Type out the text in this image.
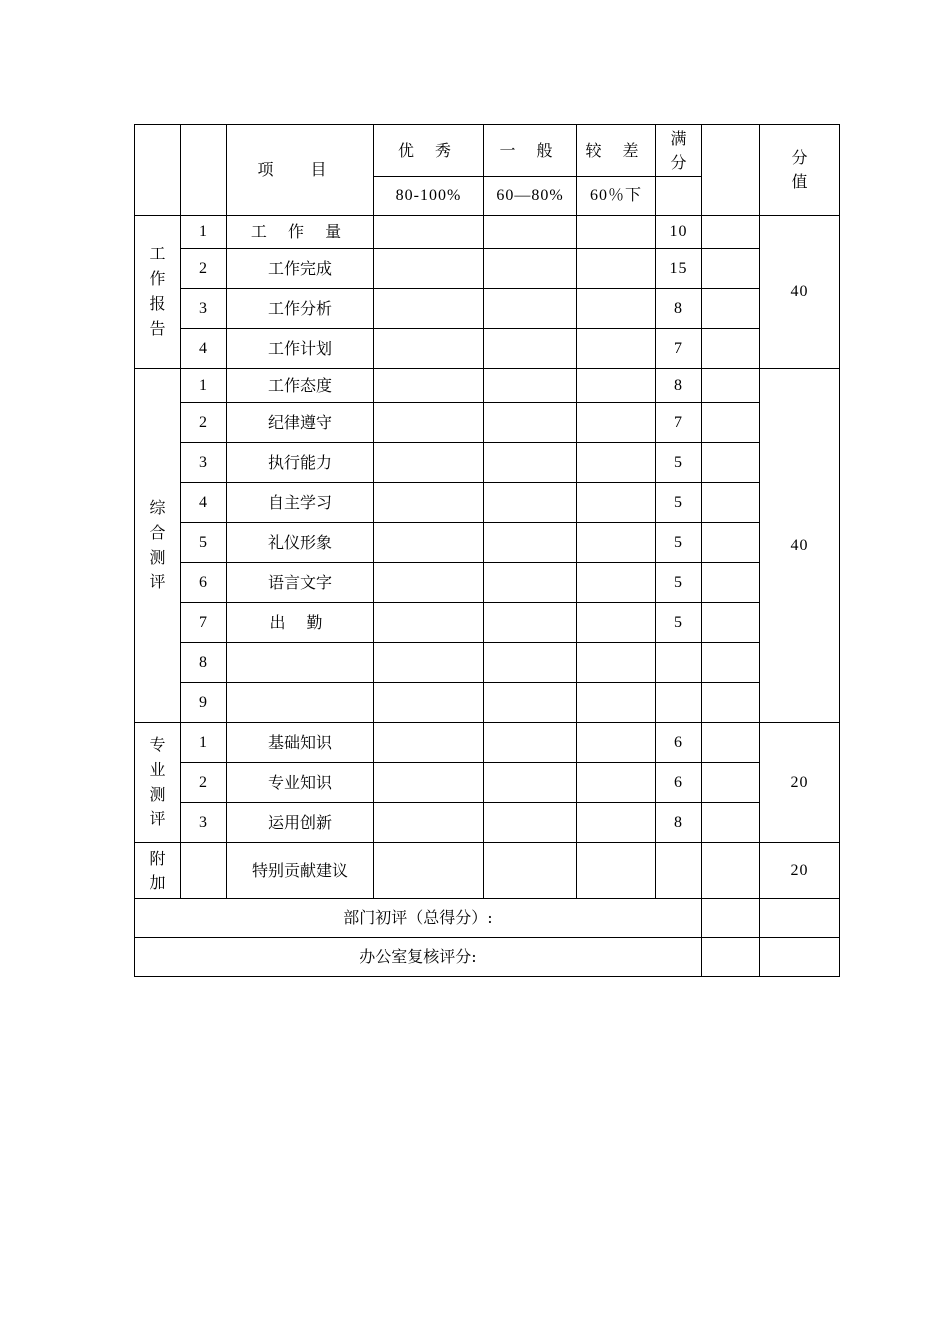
		项 目	优 秀	一 般	较 差	满分		分值
			80-100%	60—80%	60％下			
工作报告	1	工 作 量				10		40
	2	工作完成				15		
	3	工作分析				8		
	4	工作计划				7		
综合测评	1	工作态度				8		40
	2	纪律遵守				7		
	3	执行能力				5		
	4	自主学习				5		
	5	礼仪形象				5		
	6	语言文字				5		
	7	出 勤				5		
	8							
	9							
专业测评	1	基础知识				6		20
	2	专业知识				6		
	3	运用创新				8		
附加		特别贡献建议						20
部门初评（总得分）:								
办公室复核评分:								
